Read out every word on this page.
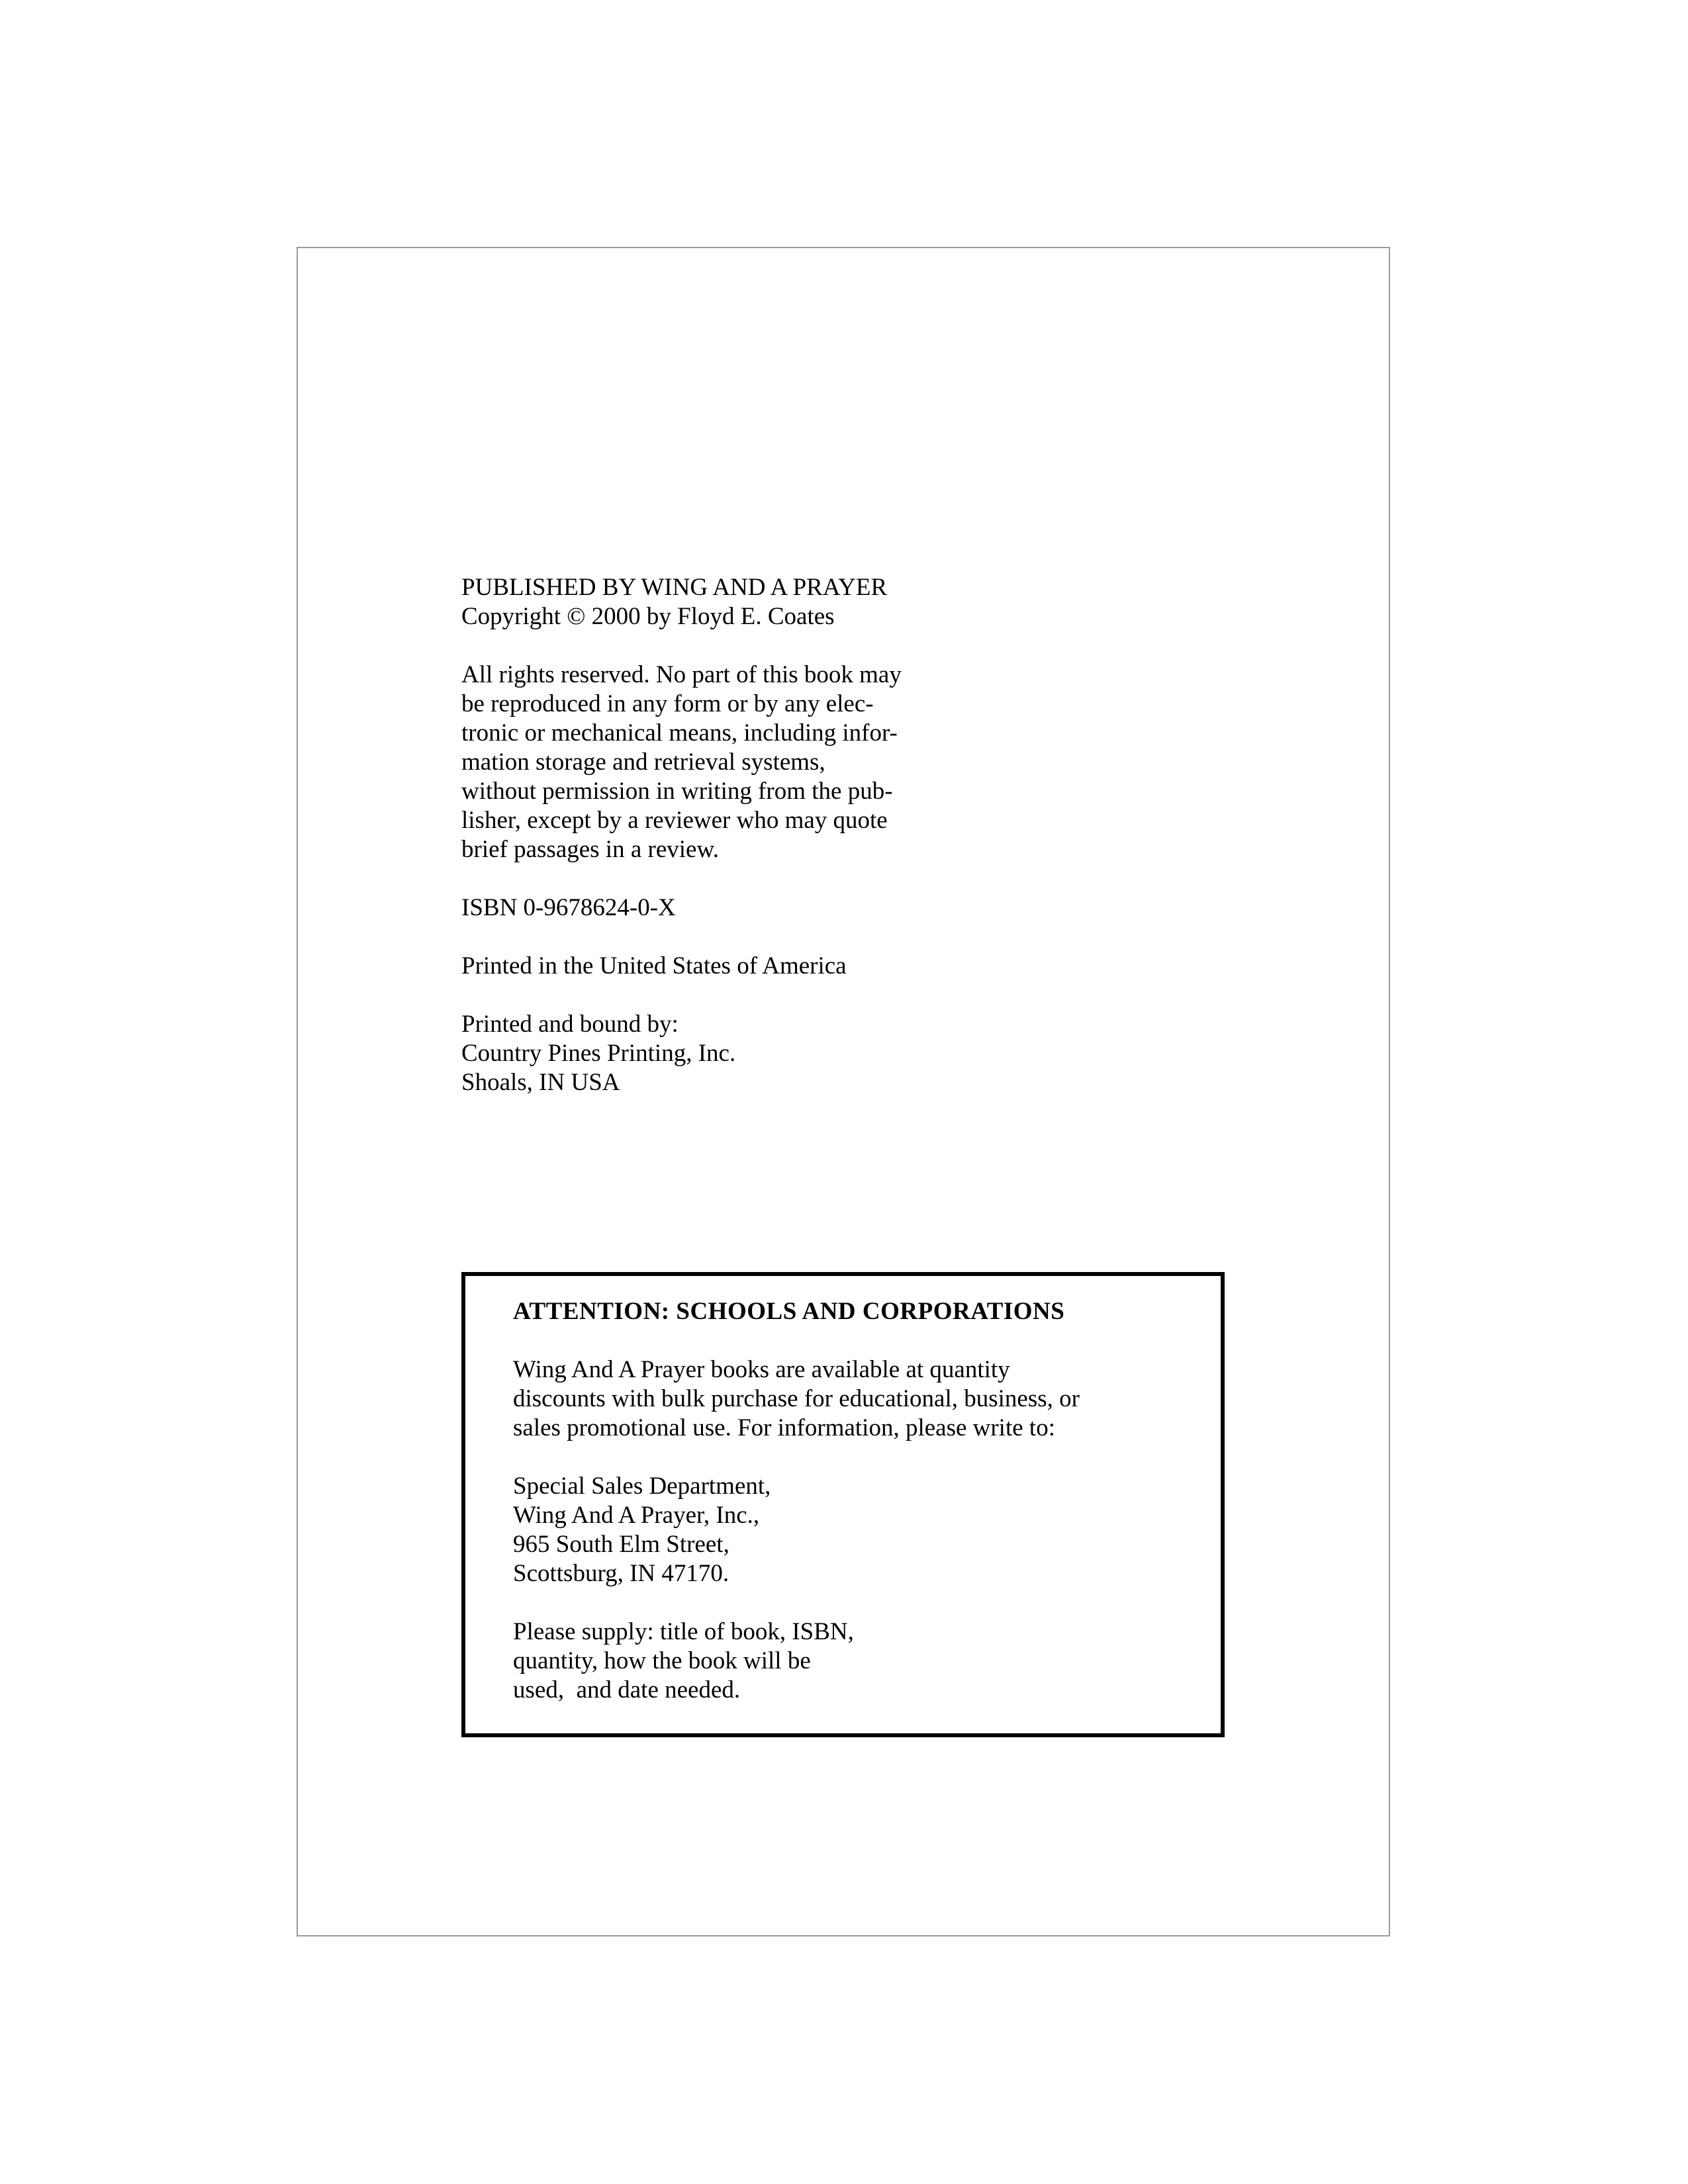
PUBLISHED BY WING AND A PRAYER
Copyright © 2000 by Floyd E. Coates

All rights reserved. No part of this book may
be reproduced in any form or by any elec-
tronic or mechanical means, including infor-
mation storage and retrieval systems,
without permission in writing from the pub-
lisher, except by a reviewer who may quote
brief passages in a review.

ISBN 0-9678624-0-X

Printed in the United States of America

Printed and bound by:
Country Pines Printing, Inc.
Shoals, IN USA

ATTENTION: SCHOOLS AND CORPORATIONS

Wing And A Prayer books are available at quantity
discounts with bulk purchase for educational, business, or
sales promotional use. For information, please write to:

Special Sales Department,
Wing And A Prayer, Inc.,
965 South Elm Street,
Scottsburg, IN 47170.

Please supply: title of book, ISBN,
quantity, how the book will be
used,  and date needed.
